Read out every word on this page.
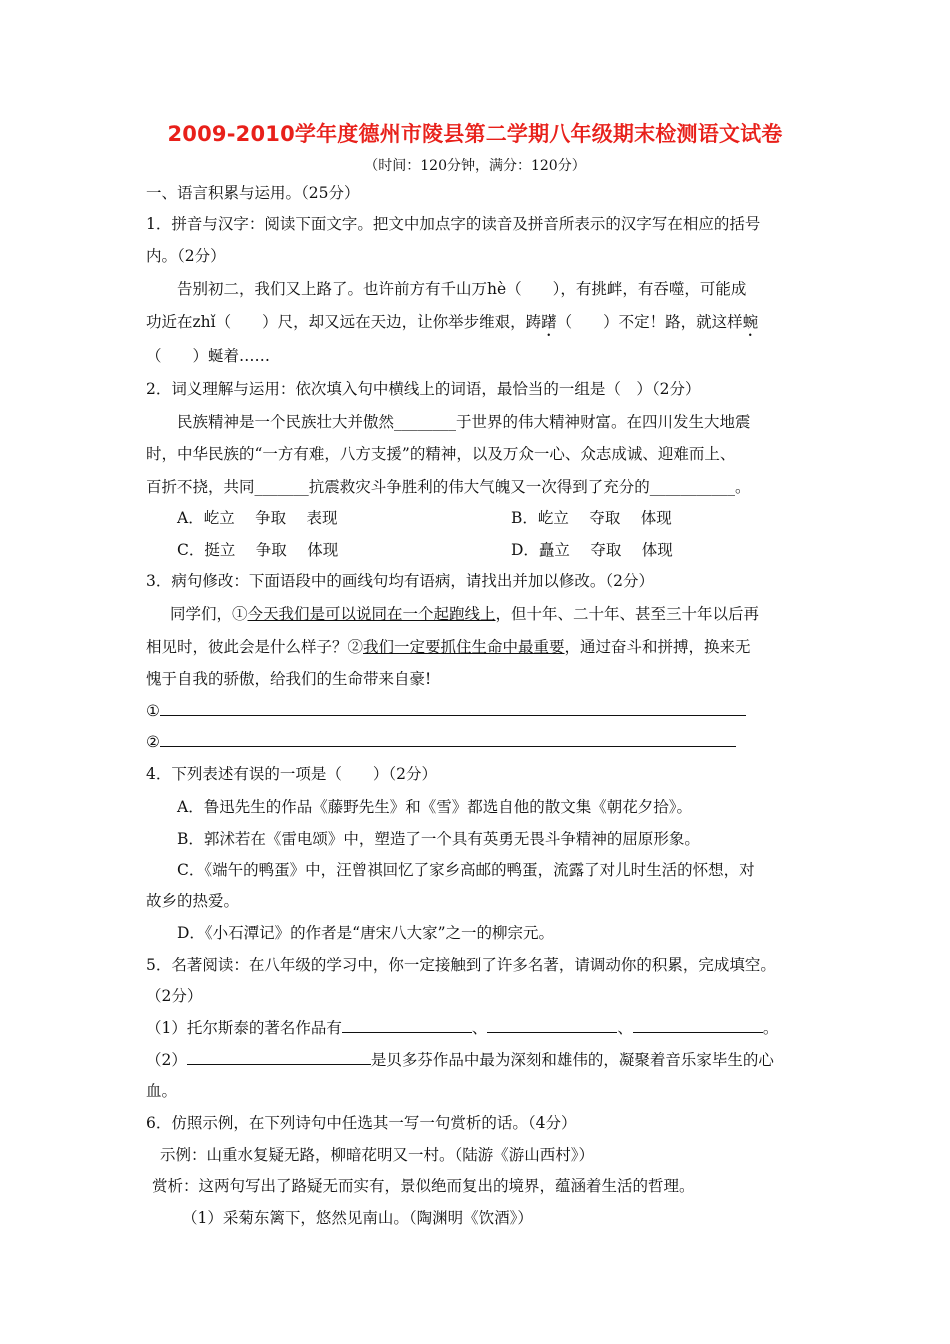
2009-2010学年度德州市陵县第二学期八年级期末检测语文试卷
（时间：120分钟，满分：120分）
一、语言积累与运用。（25分）
1．拼音与汉字：阅读下面文字。把文中加点字的读音及拼音所表示的汉字写在相应的括号
内。（2分）
告别初二，我们又上路了。也许前方有千山万hè（　　），有挑衅，有吞噬，可能成
功近在zhǐ（　　）尺，却又远在天边，让你举步维艰，踌躇（　　）不定！路，就这样蜿
（　　）蜒着……
2．词义理解与运用：依次填入句中横线上的词语，最恰当的一组是（　）（2分）
民族精神是一个民族壮大并傲然________于世界的伟大精神财富。在四川发生大地震
时，中华民族的“一方有难，八方支援”的精神，以及万众一心、众志成诚、迎难而上、
百折不挠，共同_______抗震救灾斗争胜利的伟大气魄又一次得到了充分的___________。
A．屹立　 争取　 表现	B．屹立　 夺取　 体现
C．挺立　 争取　 体现	D．矗立　 夺取　 体现
3．病句修改：下面语段中的画线句均有语病，请找出并加以修改。（2分）
同学们，①今天我们是可以说同在一个起跑线上，但十年、二十年、甚至三十年以后再
相见时，彼此会是什么样子？②我们一定要抓住生命中最重要，通过奋斗和拼搏，换来无
愧于自我的骄傲，给我们的生命带来自豪!
①
②
4．下列表述有误的一项是（　　）（2分）
A．鲁迅先生的作品《藤野先生》和《雪》都选自他的散文集《朝花夕拾》。
B．郭沭若在《雷电颂》中，塑造了一个具有英勇无畏斗争精神的屈原形象。
C．《端午的鸭蛋》中，汪曾祺回忆了家乡高邮的鸭蛋，流露了对儿时生活的怀想，对
故乡的热爱。
D．《小石潭记》的作者是“唐宋八大家”之一的柳宗元。
5．名著阅读：在八年级的学习中，你一定接触到了许多名著，请调动你的积累，完成填空。
（2分）
（1）托尔斯泰的著名作品有	、	、	。
（2）	是贝多芬作品中最为深刻和雄伟的，凝聚着音乐家毕生的心
血。
6．仿照示例，在下列诗句中任选其一写一句赏析的话。（4分）
示例：山重水复疑无路，柳暗花明又一村。（陆游《游山西村》）
赏析：这两句写出了路疑无而实有，景似绝而复出的境界，蕴涵着生活的哲理。
（1）采菊东篱下，悠然见南山。（陶渊明《饮酒》）
